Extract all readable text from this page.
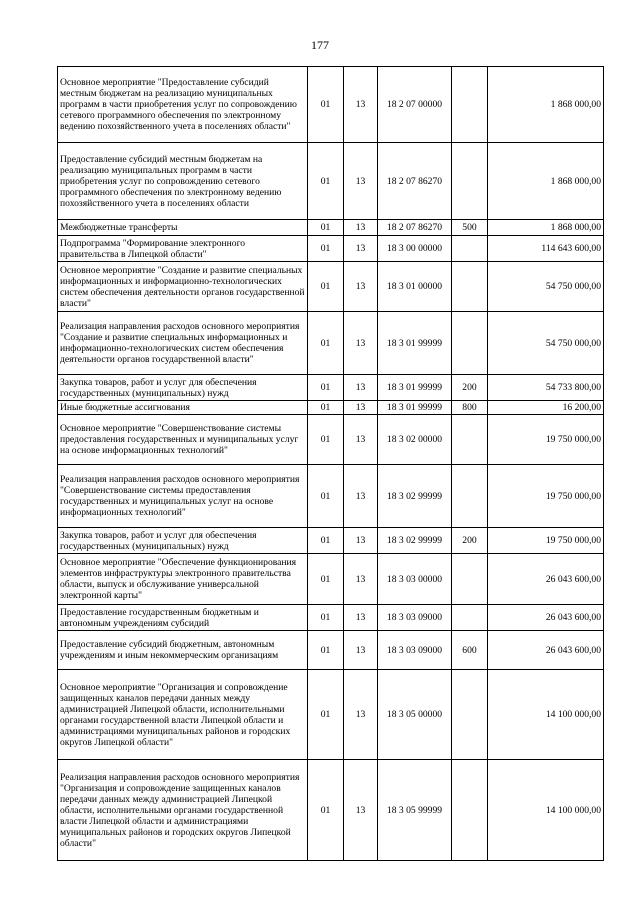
177
Основное мероприятие "Предоставление субсидий местным бюджетам на реализацию муниципальных программ в части приобретения услуг по сопровождению сетевого программного обеспечения по электронному ведению похозяйственного учета в поселениях области"	01	13	18 2 07 00000		1 868 000,00
Предоставление субсидий местным бюджетам на реализацию муниципальных программ в части приобретения услуг по сопровождению сетевого программного обеспечения по электронному ведению похозяйственного учета в поселениях области	01	13	18 2 07 86270		1 868 000,00
Межбюджетные трансферты	01	13	18 2 07 86270	500	1 868 000,00
Подпрограмма "Формирование электронного правительства в Липецкой области"	01	13	18 3 00 00000		114 643 600,00
Основное мероприятие "Создание и развитие специальных информационных и информационно-технологических систем обеспечения деятельности органов государственной власти"	01	13	18 3 01 00000		54 750 000,00
Реализация направления расходов основного мероприятия "Создание и развитие специальных информационных и информационно-технологических систем обеспечения деятельности органов государственной власти"	01	13	18 3 01 99999		54 750 000,00
Закупка товаров, работ и услуг для обеспечения государственных (муниципальных) нужд	01	13	18 3 01 99999	200	54 733 800,00
Иные бюджетные ассигнования	01	13	18 3 01 99999	800	16 200,00
Основное мероприятие "Совершенствование системы предоставления государственных и муниципальных услуг на основе информационных технологий"	01	13	18 3 02 00000		19 750 000,00
Реализация направления расходов основного мероприятия "Совершенствование системы предоставления государственных и муниципальных услуг на основе информационных технологий"	01	13	18 3 02 99999		19 750 000,00
Закупка товаров, работ и услуг для обеспечения государственных (муниципальных) нужд	01	13	18 3 02 99999	200	19 750 000,00
Основное мероприятие "Обеспечение функционирования элементов инфраструктуры электронного правительства области, выпуск и обслуживание универсальной электронной карты"	01	13	18 3 03 00000		26 043 600,00
Предоставление государственным бюджетным и автономным учреждениям субсидий	01	13	18 3 03 09000		26 043 600,00
Предоставление субсидий бюджетным, автономным учреждениям и иным некоммерческим организациям	01	13	18 3 03 09000	600	26 043 600,00
Основное мероприятие "Организация и сопровождение защищенных каналов передачи данных между администрацией Липецкой области, исполнительными органами государственной власти Липецкой области и администрациями муниципальных районов и городских округов Липецкой области"	01	13	18 3 05 00000		14 100 000,00
Реализация направления расходов основного мероприятия "Организация и сопровождение защищенных каналов передачи данных между администрацией Липецкой области, исполнительными органами государственной власти Липецкой области и администрациями муниципальных районов и городских округов Липецкой области"	01	13	18 3 05 99999		14 100 000,00
